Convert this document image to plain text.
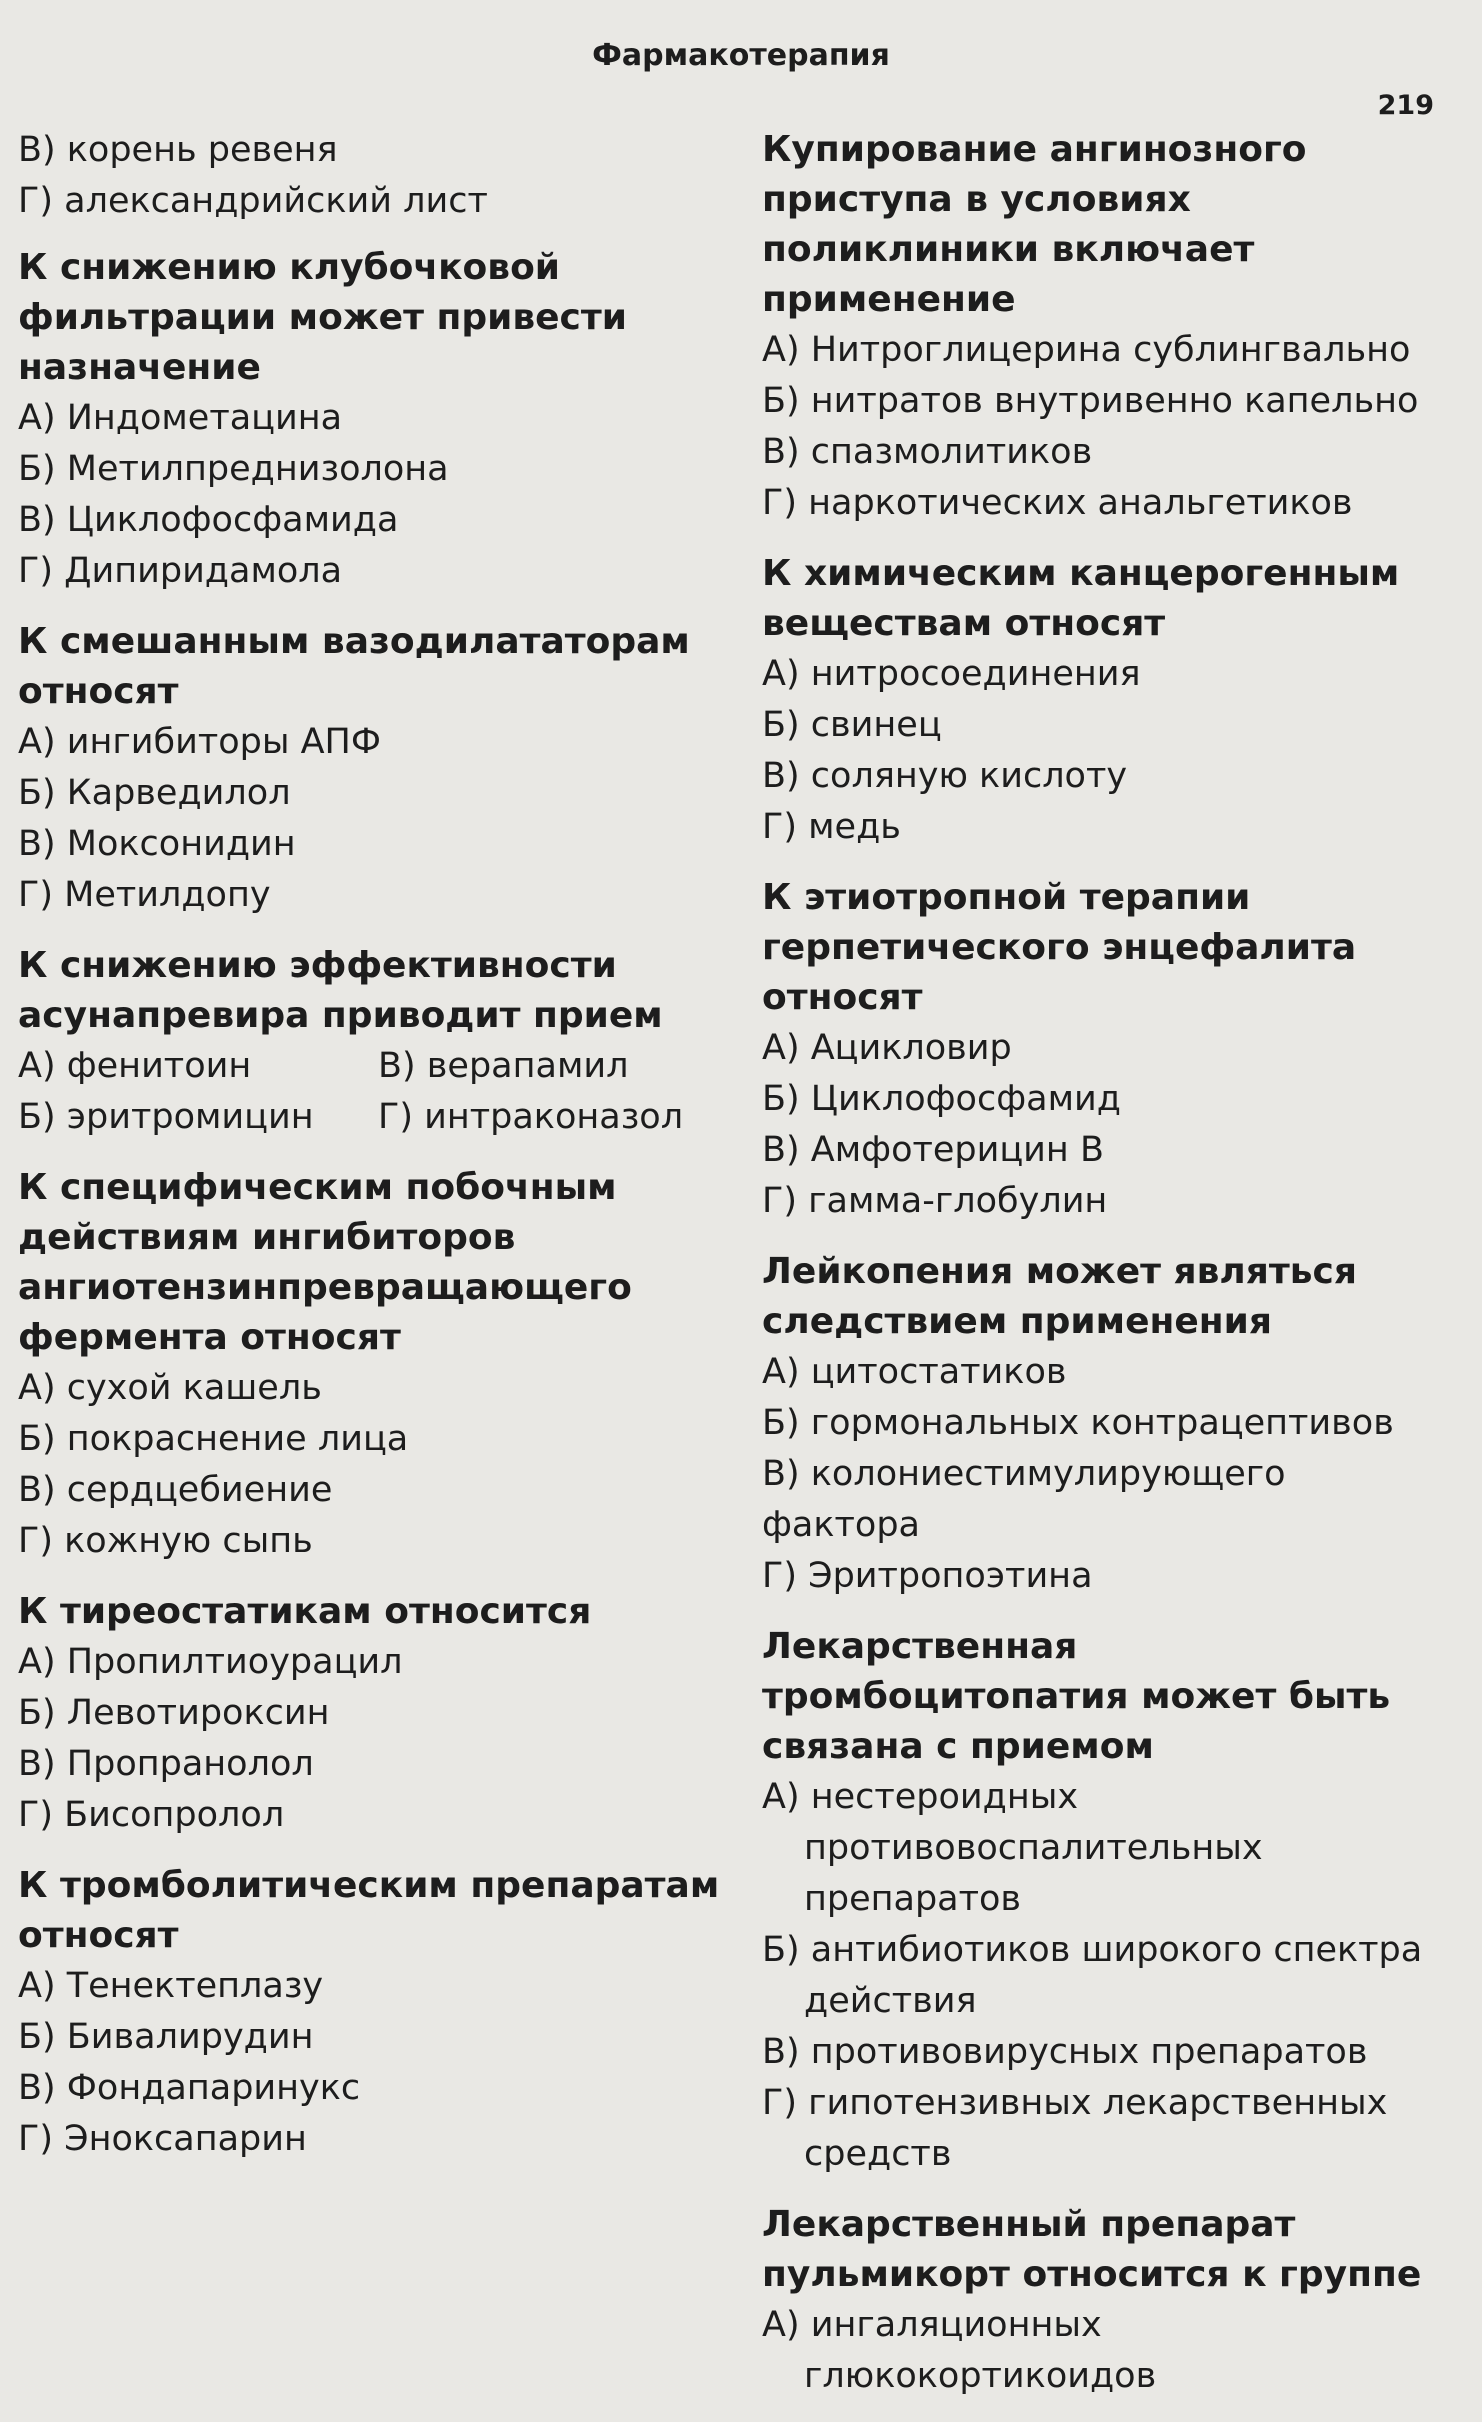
Фармакотерапия
219
В) корень ревеня
Г) александрийский лист
К снижению клубочковой фильтрации может привести назначение
А) Индометацина
Б) Метилпреднизолона
В) Циклофосфамида
Г) Дипиридамола
К смешанным вазодилататорам относят
А) ингибиторы АПФ
Б) Карведилол
В) Моксонидин
Г) Метилдопу
К снижению эффективности асунапревира приводит прием
А) фенитоин	В) верапамил
Б) эритромицин	Г) интраконазол
К специфическим побочным действиям ингибиторов ангиотензинпревращающего фермента относят
А) сухой кашель
Б) покраснение лица
В) сердцебиение
Г) кожную сыпь
К тиреостатикам относится
А) Пропилтиоурацил
Б) Левотироксин
В) Пропранолол
Г) Бисопролол
К тромболитическим препаратам относят
А) Тенектеплазу
Б) Бивалирудин
В) Фондапаринукс
Г) Эноксапарин
Купирование ангинозного приступа в условиях поликлиники включает применение
А) Нитроглицерина сублингвально
Б) нитратов внутривенно капельно
В) спазмолитиков
Г) наркотических анальгетиков
К химическим канцерогенным веществам относят
А) нитросоединения
Б) свинец
В) соляную кислоту
Г) медь
К этиотропной терапии герпетического энцефалита относят
А) Ацикловир
Б) Циклофосфамид
В) Амфотерицин В
Г) гамма-глобулин
Лейкопения может являться следствием применения
А) цитостатиков
Б) гормональных контрацептивов
В) колониестимулирующего фактора
Г) Эритропоэтина
Лекарственная тромбоцитопатия может быть связана с приемом
А) нестероидных противовоспалительных препаратов
Б) антибиотиков широкого спектра действия
В) противовирусных препаратов
Г) гипотензивных лекарственных средств
Лекарственный препарат пульмикорт относится к группе
А) ингаляционных глюкокортикоидов
